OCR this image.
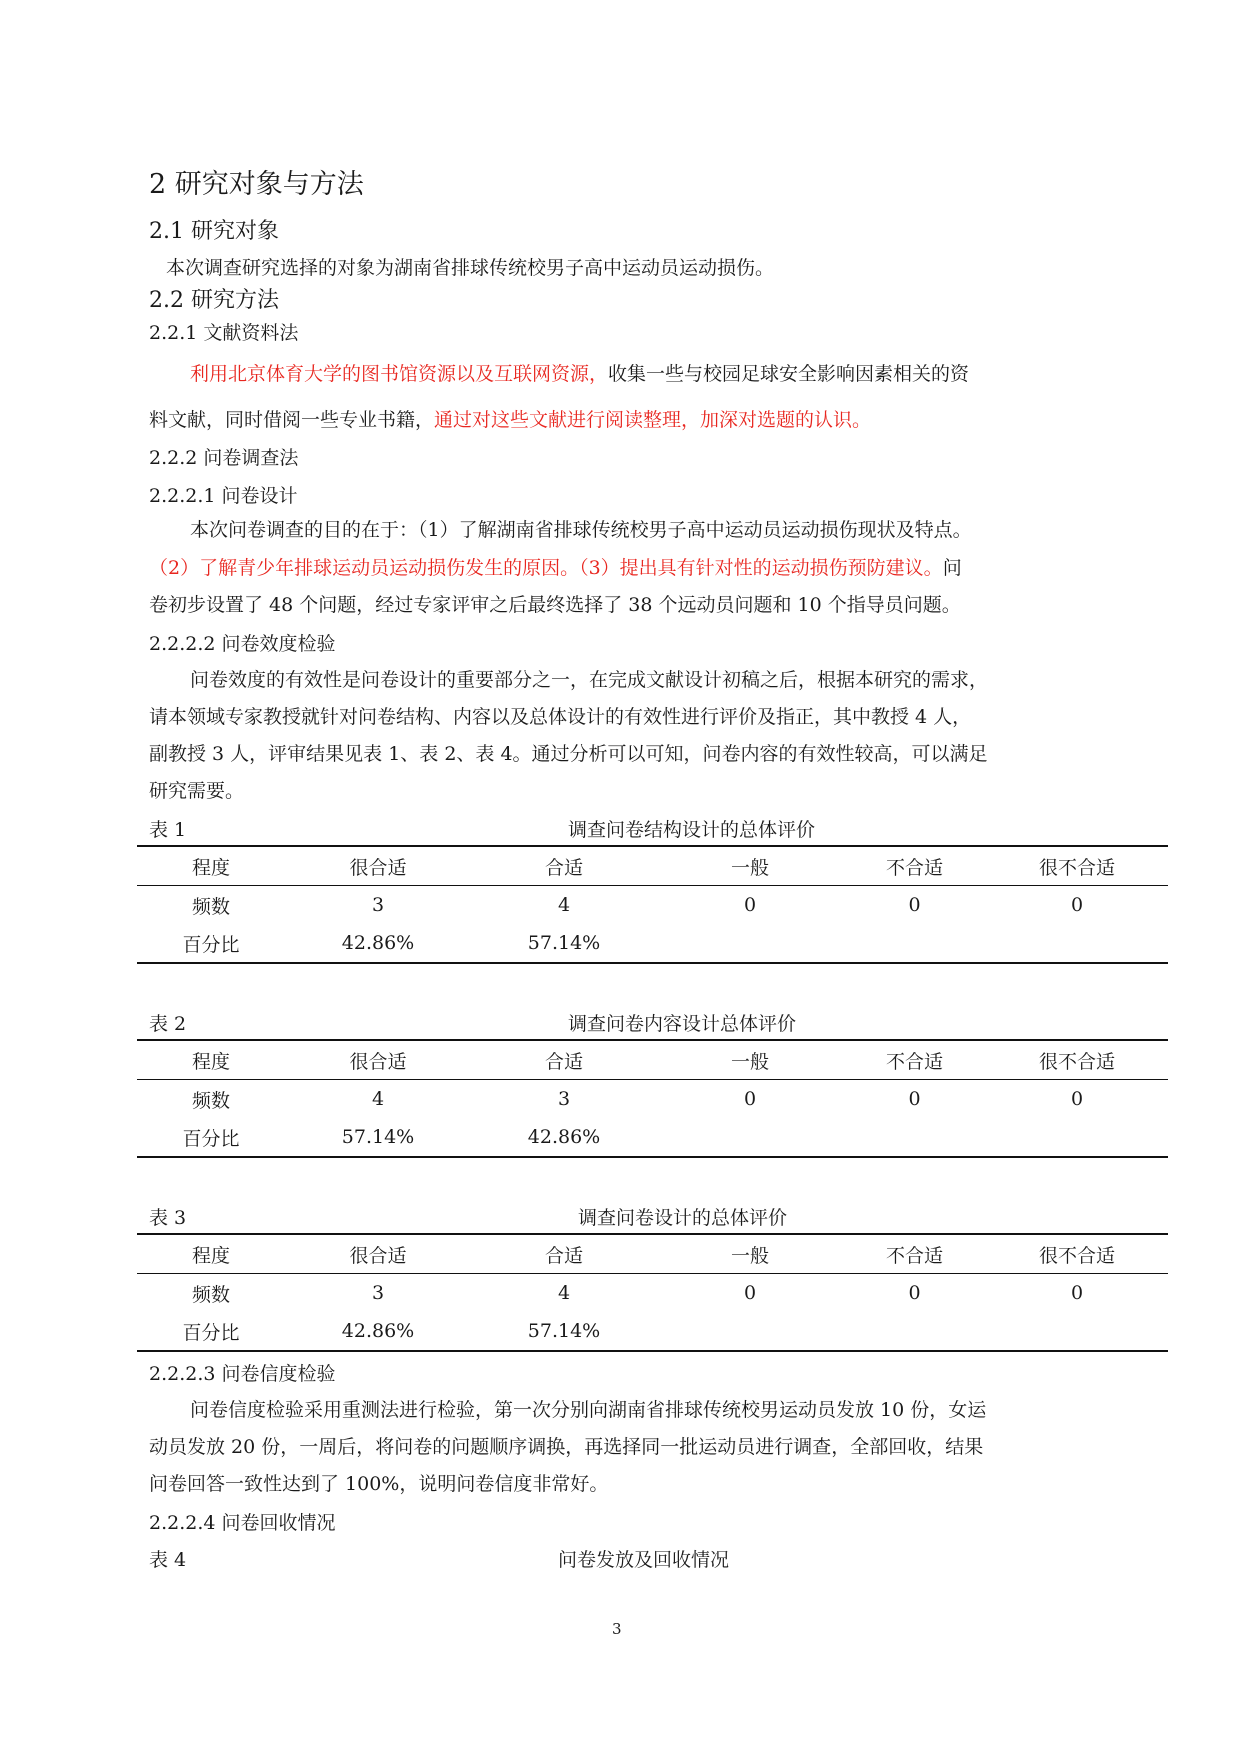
2 研究对象与方法
2.1 研究对象
本次调查研究选择的对象为湖南省排球传统校男子高中运动员运动损伤。
2.2 研究方法
2.2.1 文献资料法
利用北京体育大学的图书馆资源以及互联网资源，收集一些与校园足球安全影响因素相关的资
料文献，同时借阅一些专业书籍，通过对这些文献进行阅读整理，加深对选题的认识。
2.2.2 问卷调查法
2.2.2.1 问卷设计
本次问卷调查的目的在于：（1）了解湖南省排球传统校男子高中运动员运动损伤现状及特点。
（2）了解青少年排球运动员运动损伤发生的原因。（3）提出具有针对性的运动损伤预防建议。问
卷初步设置了 48 个问题，经过专家评审之后最终选择了 38 个远动员问题和 10 个指导员问题。
2.2.2.2 问卷效度检验
问卷效度的有效性是问卷设计的重要部分之一，在完成文献设计初稿之后，根据本研究的需求，
请本领域专家教授就针对问卷结构、内容以及总体设计的有效性进行评价及指正，其中教授 4 人，
副教授 3 人，评审结果见表 1、表 2、表 4。通过分析可以可知，问卷内容的有效性较高，可以满足
研究需要。
表 1	调查问卷结构设计的总体评价
程度	很合适	合适	一般	不合适	很不合适
频数	3	4	0	0	0
百分比	42.86%	57.14%			
表 2	调查问卷内容设计总体评价
程度	很合适	合适	一般	不合适	很不合适
频数	4	3	0	0	0
百分比	57.14%	42.86%			
表 3	调查问卷设计的总体评价
程度	很合适	合适	一般	不合适	很不合适
频数	3	4	0	0	0
百分比	42.86%	57.14%			
2.2.2.3 问卷信度检验
问卷信度检验采用重测法进行检验，第一次分别向湖南省排球传统校男运动员发放 10 份，女运
动员发放 20 份，一周后，将问卷的问题顺序调换，再选择同一批运动员进行调查，全部回收，结果
问卷回答一致性达到了 100%，说明问卷信度非常好。
2.2.2.4 问卷回收情况
表 4	问卷发放及回收情况
3
